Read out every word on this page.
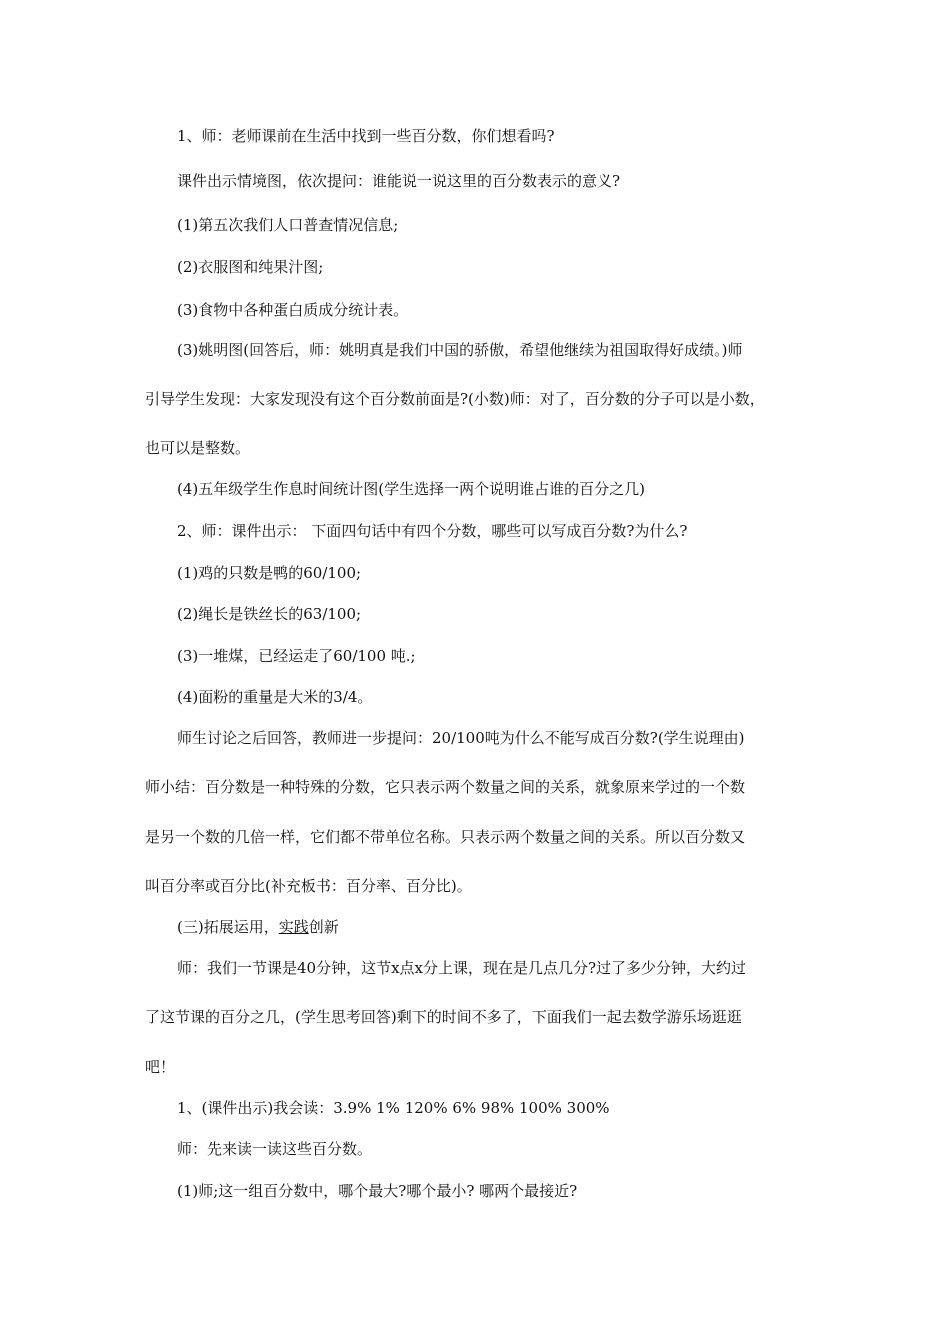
1、师：老师课前在生活中找到一些百分数，你们想看吗?

课件出示情境图，依次提问：谁能说一说这里的百分数表示的意义?

(1)第五次我们人口普查情况信息;

(2)衣服图和纯果汁图;

(3)食物中各种蛋白质成分统计表。

(3)姚明图(回答后，师：姚明真是我们中国的骄傲，希望他继续为祖国取得好成绩。)师

引导学生发现：大家发现没有这个百分数前面是?(小数)师：对了，百分数的分子可以是小数，

也可以是整数。

(4)五年级学生作息时间统计图(学生选择一两个说明谁占谁的百分之几)

2、师：课件出示： 下面四句话中有四个分数，哪些可以写成百分数?为什么?

(1)鸡的只数是鸭的60/100;

(2)绳长是铁丝长的63/100;

(3)一堆煤，已经运走了60/100 吨.;

(4)面粉的重量是大米的3/4。

师生讨论之后回答，教师进一步提问：20/100吨为什么不能写成百分数?(学生说理由)

师小结：百分数是一种特殊的分数，它只表示两个数量之间的关系，就象原来学过的一个数

是另一个数的几倍一样，它们都不带单位名称。只表示两个数量之间的关系。所以百分数又

叫百分率或百分比(补充板书：百分率、百分比)。

(三)拓展运用，实践创新

师：我们一节课是40分钟，这节x点x分上课，现在是几点几分?过了多少分钟，大约过

了这节课的百分之几，(学生思考回答)剩下的时间不多了，下面我们一起去数学游乐场逛逛

吧！

1、(课件出示)我会读：3.9% 1% 120% 6% 98% 100% 300%

师：先来读一读这些百分数。

(1)师;这一组百分数中，哪个最大?哪个最小? 哪两个最接近?
